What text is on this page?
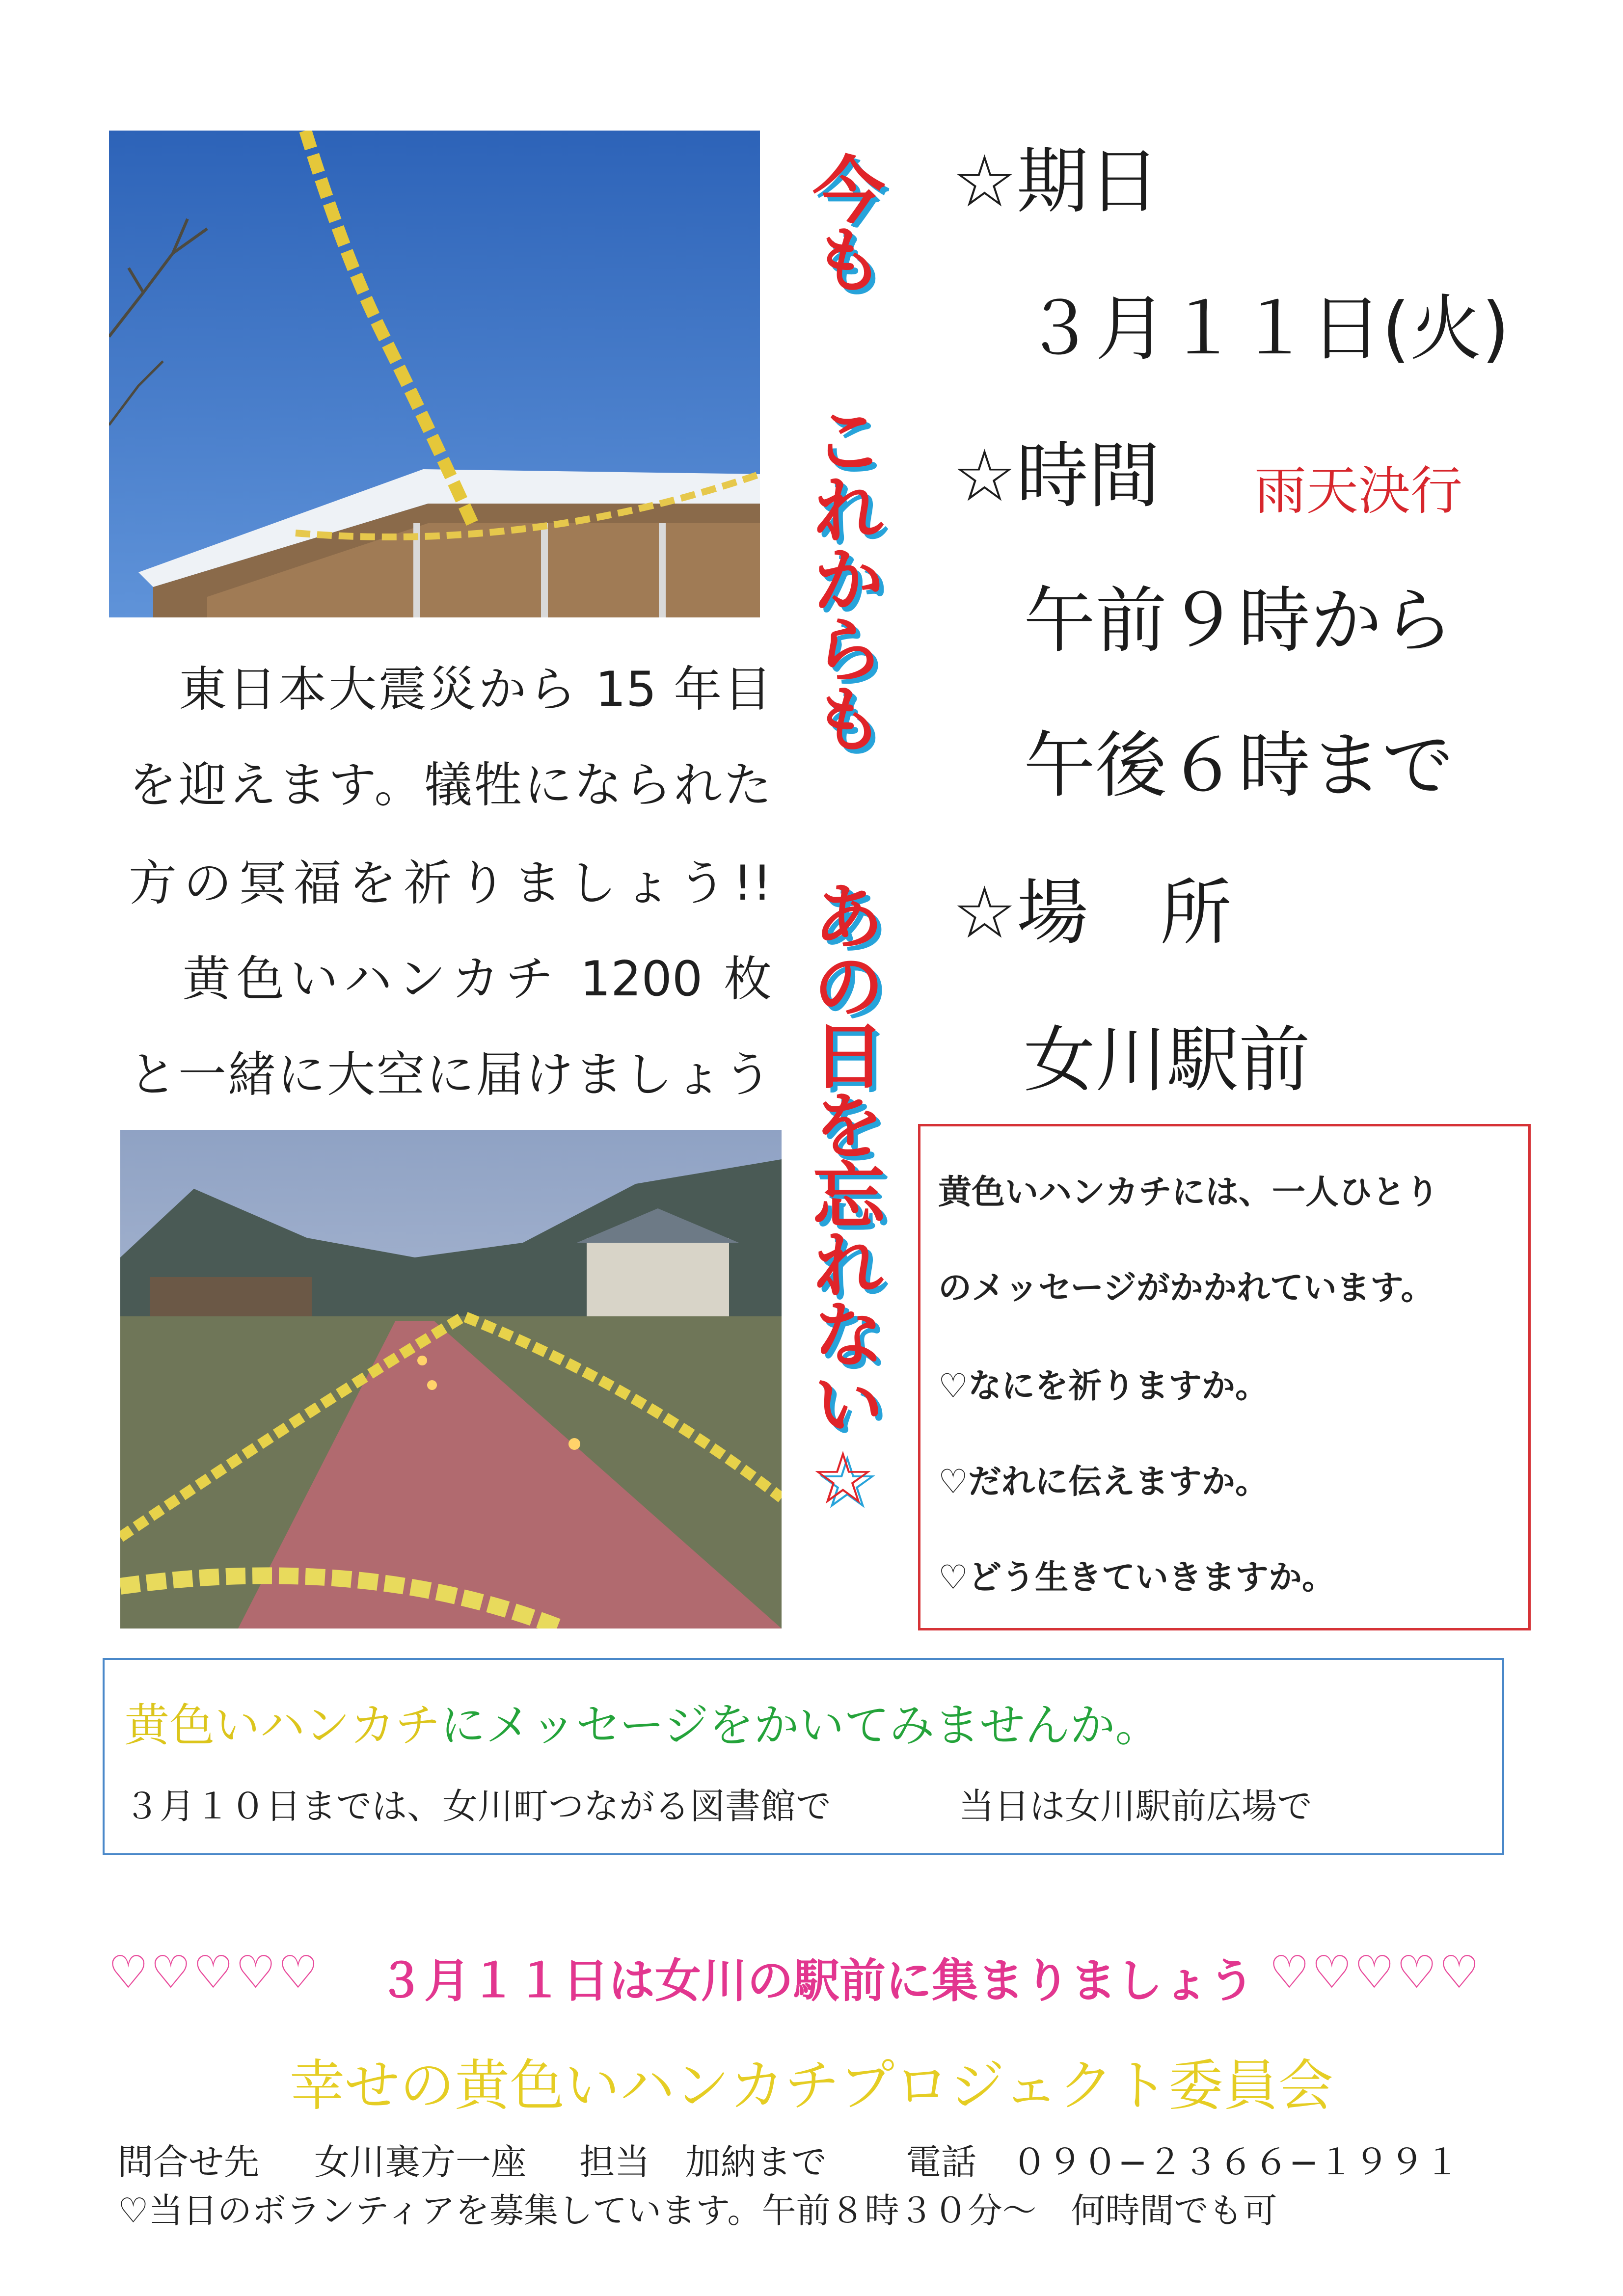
　東日本大震災から 15 年目
を迎えます。犠牲になられた
方の冥福を祈りましょう!!
　黄色いハンカチ 1200 枚
と一緒に大空に届けましょう
今も
これからも
あの日を忘れない☆
☆期日
３月１１日(火)
☆時間 雨天決行
午前９時から
午後６時まで
☆場　所
女川駅前
黄色いハンカチには、一人ひとり
のメッセージがかかれています。
♡なにを祈りますか。
♡だれに伝えますか。
♡どう生きていきますか。
黄色いハンカチにメッセージをかいてみませんか。
３月１０日までは、女川町つながる図書館で	当日は女川駅前広場で
♡♡♡♡♡ ３月１１日は女川の駅前に集まりましょう ♡♡♡♡♡
幸せの黄色いハンカチプロジェクト委員会
問合せ先 女川裏方一座 担当　加納まで 電話　０９０−２３６６−１９９１
♡当日のボランティアを募集しています。午前８時３０分～　何時間でも可
